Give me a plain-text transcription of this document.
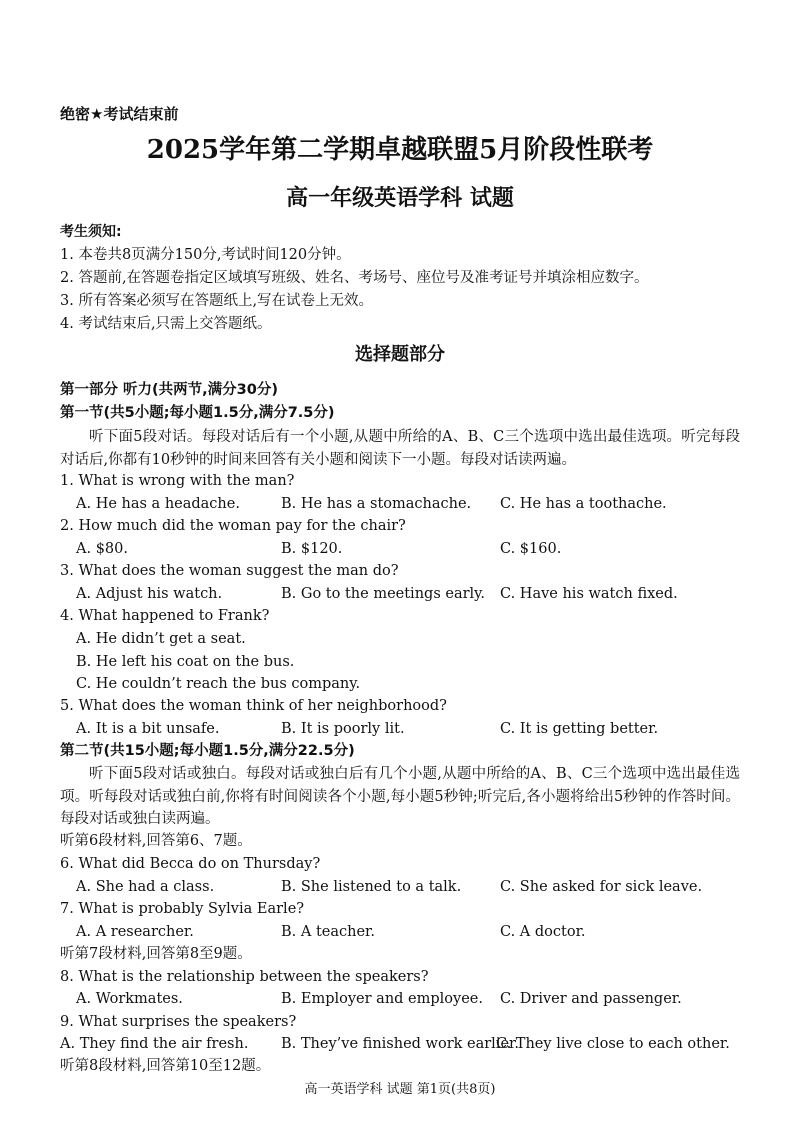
绝密★考试结束前
2025学年第二学期卓越联盟5月阶段性联考
高一年级英语学科 试题
考生须知:
1. 本卷共8页满分150分,考试时间120分钟。
2. 答题前,在答题卷指定区域填写班级、姓名、考场号、座位号及准考证号并填涂相应数字。
3. 所有答案必须写在答题纸上,写在试卷上无效。
4. 考试结束后,只需上交答题纸。
选择题部分
第一部分 听力(共两节,满分30分)
第一节(共5小题;每小题1.5分,满分7.5分)
听下面5段对话。每段对话后有一个小题,从题中所给的A、B、C三个选项中选出最佳选项。听完每段对话后,你都有10秒钟的时间来回答有关小题和阅读下一小题。每段对话读两遍。
1. What is wrong with the man?
A. He has a headache.	B. He has a stomachache. C. He has a toothache.
2. How much did the woman pay for the chair?
A. $80.	B. $120.	C. $160.
3. What does the woman suggest the man do?
A. Adjust his watch.	B. Go to the meetings early. C. Have his watch fixed.
4. What happened to Frank?
A. He didn’t get a seat.
B. He left his coat on the bus.
C. He couldn’t reach the bus company.
5. What does the woman think of her neighborhood?
A. It is a bit unsafe.	B. It is poorly lit.	C. It is getting better.
第二节(共15小题;每小题1.5分,满分22.5分)
听下面5段对话或独白。每段对话或独白后有几个小题,从题中所给的A、B、C三个选项中选出最佳选项。听每段对话或独白前,你将有时间阅读各个小题,每小题5秒钟;听完后,各小题将给出5秒钟的作答时间。每段对话或独白读两遍。
听第6段材料,回答第6、7题。
6. What did Becca do on Thursday?
A. She had a class.	B. She listened to a talk.	C. She asked for sick leave.
7. What is probably Sylvia Earle?
A. A researcher.	B. A teacher.	C. A doctor.
听第7段材料,回答第8至9题。
8. What is the relationship between the speakers?
A. Workmates.	B. Employer and employee. C. Driver and passenger.
9. What surprises the speakers?
A. They find the air fresh. B. They’ve finished work earlier.
C. They live close to each other.
听第8段材料,回答第10至12题。
高一英语学科 试题 第1页(共8页)
